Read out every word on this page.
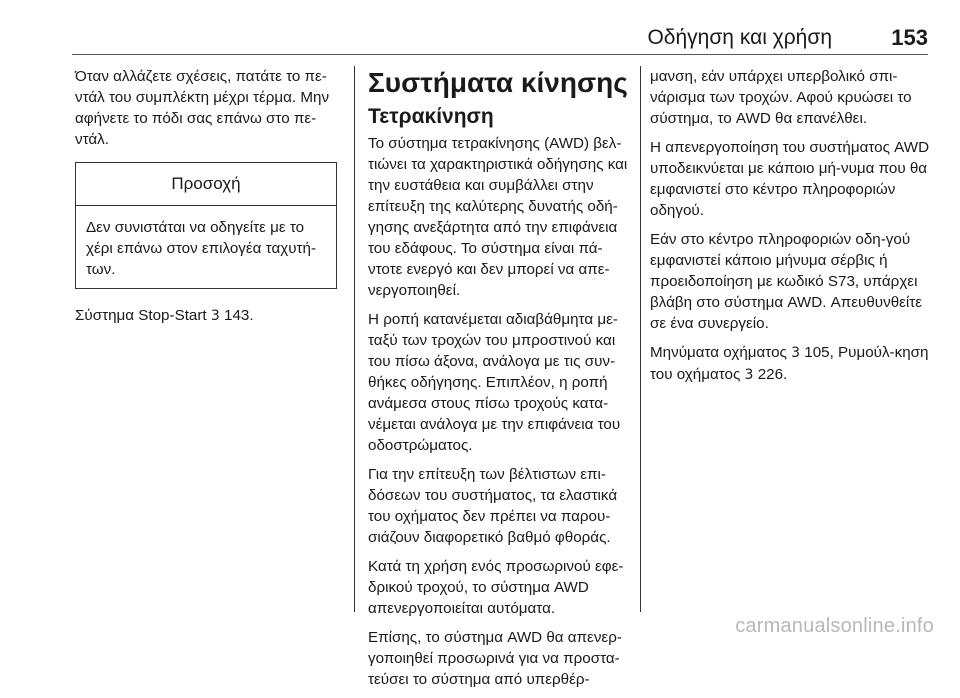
Οδήγηση και χρήση	153

Όταν αλλάζετε σχέσεις, πατάτε το πε-ντάλ του συμπλέκτη μέχρι τέρμα. Μην αφήνετε το πόδι σας επάνω στο πε-ντάλ.

Προσοχή

Δεν συνιστάται να οδηγείτε με το χέρι επάνω στον επιλογέα ταχυτή-των.

Σύστημα Stop-Start 3 143.

Συστήματα κίνησης
Τετρακίνηση

Το σύστημα τετρακίνησης (AWD) βελ-τιώνει τα χαρακτηριστικά οδήγησης και την ευστάθεια και συμβάλλει στην επίτευξη της καλύτερης δυνατής οδή-γησης ανεξάρτητα από την επιφάνεια του εδάφους. Το σύστημα είναι πά-ντοτε ενεργό και δεν μπορεί να απε-νεργοποιηθεί.

Η ροπή κατανέμεται αδιαβάθμητα με-ταξύ των τροχών του μπροστινού και του πίσω άξονα, ανάλογα με τις συν-θήκες οδήγησης. Επιπλέον, η ροπή ανάμεσα στους πίσω τροχούς κατα-νέμεται ανάλογα με την επιφάνεια του οδοστρώματος.

Για την επίτευξη των βέλτιστων επι-δόσεων του συστήματος, τα ελαστικά του οχήματος δεν πρέπει να παρου-σιάζουν διαφορετικό βαθμό φθοράς.

Κατά τη χρήση ενός προσωρινού εφε-δρικού τροχού, το σύστημα AWD απενεργοποιείται αυτόματα.

Επίσης, το σύστημα AWD θα απενερ-γοποιηθεί προσωρινά για να προστα-τεύσει το σύστημα από υπερθέρ-

μανση, εάν υπάρχει υπερβολικό σπι-νάρισμα των τροχών. Αφού κρυώσει το σύστημα, το AWD θα επανέλθει.

Η απενεργοποίηση του συστήματος AWD υποδεικνύεται με κάποιο μή-νυμα που θα εμφανιστεί στο κέντρο πληροφοριών οδηγού.

Εάν στο κέντρο πληροφοριών οδη-γού εμφανιστεί κάποιο μήνυμα σέρβις ή προειδοποίηση με κωδικό S73, υπάρχει βλάβη στο σύστημα AWD. Απευθυνθείτε σε ένα συνεργείο.

Μηνύματα οχήματος 3 105, Ρυμούλ-κηση του οχήματος 3 226.

carmanualsonline.info
